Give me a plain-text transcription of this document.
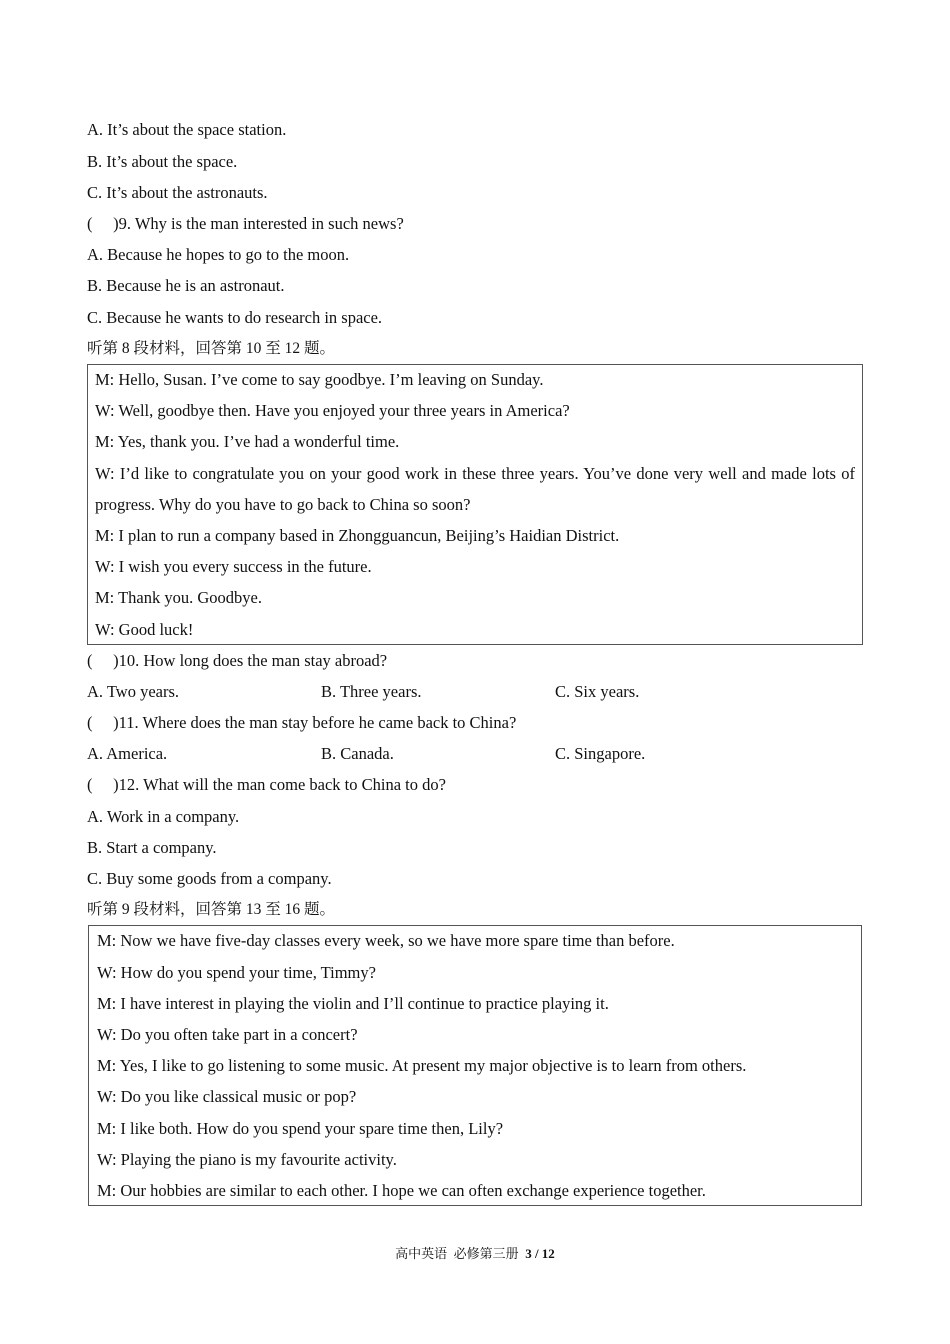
A. It’s about the space station.
B. It’s about the space.
C. It’s about the astronauts.
(     )9. Why is the man interested in such news?
A. Because he hopes to go to the moon.
B. Because he is an astronaut.
C. Because he wants to do research in space.
听第 8 段材料，回答第 10 至 12 题。
M: Hello, Susan. I’ve come to say goodbye. I’m leaving on Sunday.
W: Well, goodbye then. Have you enjoyed your three years in America?
M: Yes, thank you. I’ve had a wonderful time.
W: I’d like to congratulate you on your good work in these three years. You’ve done very well and made lots of progress. Why do you have to go back to China so soon?
M: I plan to run a company based in Zhongguancun, Beijing’s Haidian District.
W: I wish you every success in the future.
M: Thank you. Goodbye.
W: Good luck!
(     )10. How long does the man stay abroad?
A. Two years.	B. Three years.	C. Six years.
(     )11. Where does the man stay before he came back to China?
A. America.	B. Canada.	C. Singapore.
(     )12. What will the man come back to China to do?
A. Work in a company.
B. Start a company.
C. Buy some goods from a company.
听第 9 段材料，回答第 13 至 16 题。
M: Now we have five-day classes every week, so we have more spare time than before.
W: How do you spend your time, Timmy?
M: I have interest in playing the violin and I’ll continue to practice playing it.
W: Do you often take part in a concert?
M: Yes, I like to go listening to some music. At present my major objective is to learn from others.
W: Do you like classical music or pop?
M: I like both. How do you spend your spare time then, Lily?
W: Playing the piano is my favourite activity.
M: Our hobbies are similar to each other. I hope we can often exchange experience together.
高中英语  必修第三册  3 / 12
